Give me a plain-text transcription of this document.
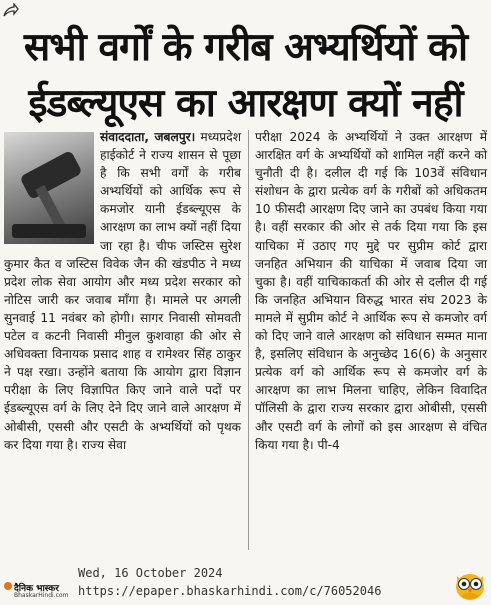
सभी वर्गों के गरीब अभ्यर्थियों को
ईडब्ल्यूएस का आरक्षण क्यों नहीं
संवाददाता, जबलपुर। मध्यप्रदेश हाईकोर्ट ने राज्य शासन से पूछा है कि सभी वर्गों के गरीब अभ्यर्थियों को आर्थिक रूप से कमजोर यानी ईडब्ल्यूएस के आरक्षण का लाभ क्यों नहीं दिया जा रहा है। चीफ जस्टिस सुरेश कुमार कैत व जस्टिस विवेक जैन की खंडपीठ ने मध्य प्रदेश लोक सेवा आयोग और मध्य प्रदेश सरकार को नोटिस जारी कर जवाब माँगा है। मामले पर अगली सुनवाई 11 नवंबर को होगी। सागर निवासी सोमवती पटेल व कटनी निवासी मीनुल कुशवाहा की ओर से अधिवक्ता विनायक प्रसाद शाह व रामेश्वर सिंह ठाकुर ने पक्ष रखा। उन्होंने बताया कि आयोग द्वारा विज्ञान परीक्षा के लिए विज्ञापित किए जाने वाले पदों पर ईडब्ल्यूएस वर्ग के लिए देने दिए जाने वाले आरक्षण में ओबीसी, एससी और एसटी के अभ्यर्थियों को पृथक कर दिया गया है। राज्य सेवा
परीक्षा 2024 के अभ्यर्थियों ने उक्त आरक्षण में आरक्षित वर्ग के अभ्यर्थियों को शामिल नहीं करने को चुनौती दी है। दलील दी गई कि 103वें संविधान संशोधन के द्वारा प्रत्येक वर्ग के गरीबों को अधिकतम 10 फीसदी आरक्षण दिए जाने का उपबंध किया गया है। वहीं सरकार की ओर से तर्क दिया गया कि इस याचिका में उठाए गए मुद्दे पर सुप्रीम कोर्ट द्वारा जनहित अभियान की याचिका में जवाब दिया जा चुका है। वहीं याचिकाकर्ता की ओर से दलील दी गई कि जनहित अभियान विरुद्ध भारत संघ 2023 के मामले में सुप्रीम कोर्ट ने आर्थिक रूप से कमजोर वर्ग को दिए जाने वाले आरक्षण को संविधान सम्मत माना है, इसलिए संविधान के अनुच्छेद 16(6) के अनुसार प्रत्येक वर्ग को आर्थिक रूप से कमजोर वर्ग के आरक्षण का लाभ मिलना चाहिए, लेकिन विवादित पॉलिसी के द्वारा राज्य सरकार द्वारा ओबीसी, एससी और एसटी वर्ग के लोगों को इस आरक्षण से वंचित किया गया है। पी-4
दैनिक भास्कर
BhaskarHindi.com
Wed, 16 October 2024
https://epaper.bhaskarhindi.com/c/76052046
